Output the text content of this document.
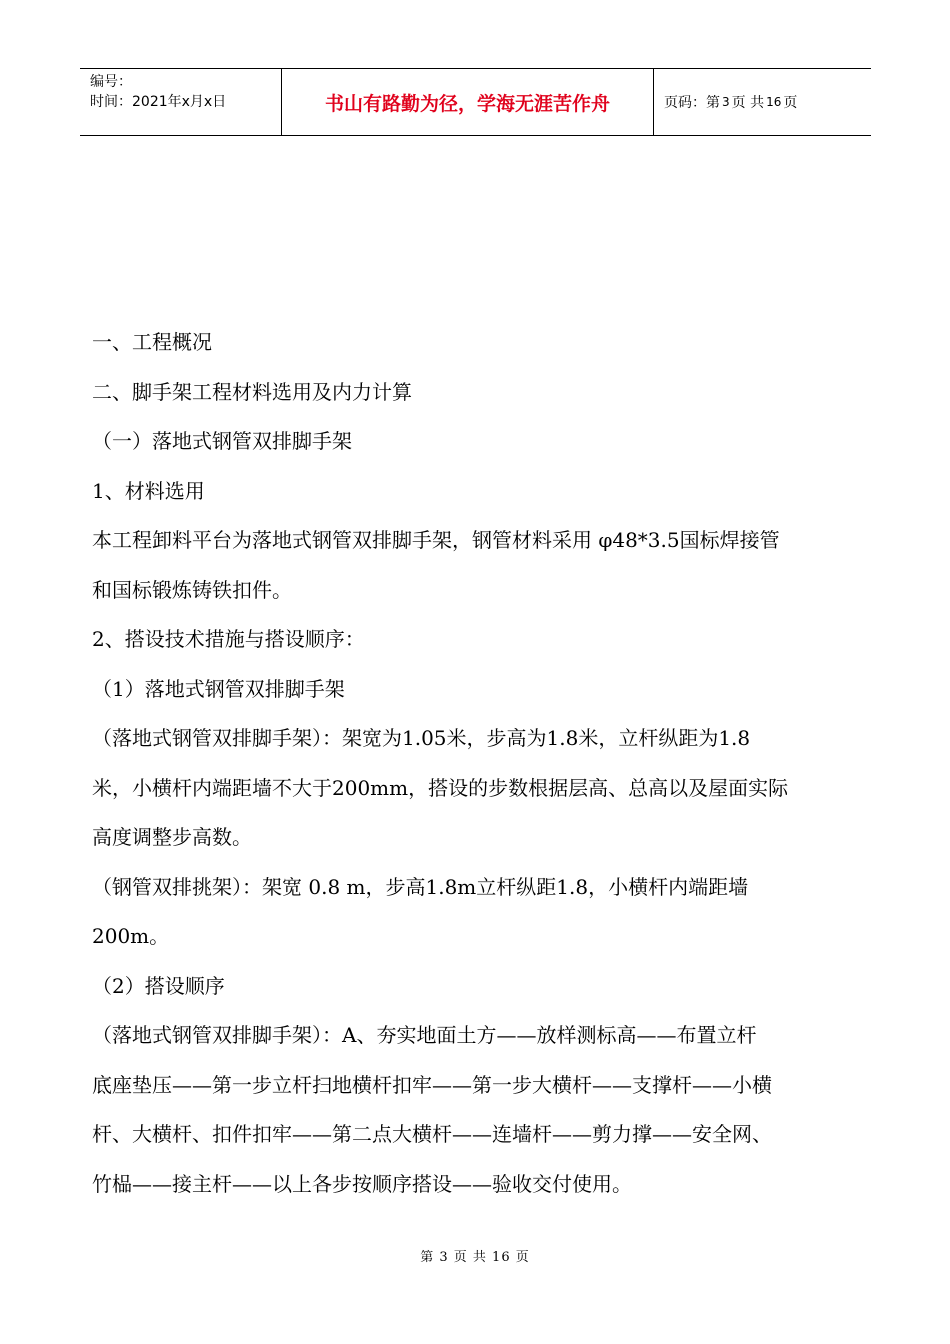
编号：
时间：2021年x月x日	书山有路勤为径，学海无涯苦作舟	页码：第 3 页 共 16 页

一、工程概况

二、脚手架工程材料选用及内力计算

（一）落地式钢管双排脚手架

1、材料选用

本工程卸料平台为落地式钢管双排脚手架，钢管材料采用 φ48*3.5国标焊接管

和国标锻炼铸铁扣件。

2、搭设技术措施与搭设顺序：

（1）落地式钢管双排脚手架

（落地式钢管双排脚手架）：架宽为1.05米，步高为1.8米，立杆纵距为1.8

米，小横杆内端距墙不大于200mm，搭设的步数根据层高、总高以及屋面实际

高度调整步高数。

（钢管双排挑架）：架宽 0.8 m，步高1.8m立杆纵距1.8，小横杆内端距墙

200m。

（2）搭设顺序

（落地式钢管双排脚手架）：A、夯实地面土方——放样测标高——布置立杆

底座垫压——第一步立杆扫地横杆扣牢——第一步大横杆——支撑杆——小横

杆、大横杆、扣件扣牢——第二点大横杆——连墙杆——剪力撑——安全网、

竹榀——接主杆——以上各步按顺序搭设——验收交付使用。

第 3 页 共 16 页
